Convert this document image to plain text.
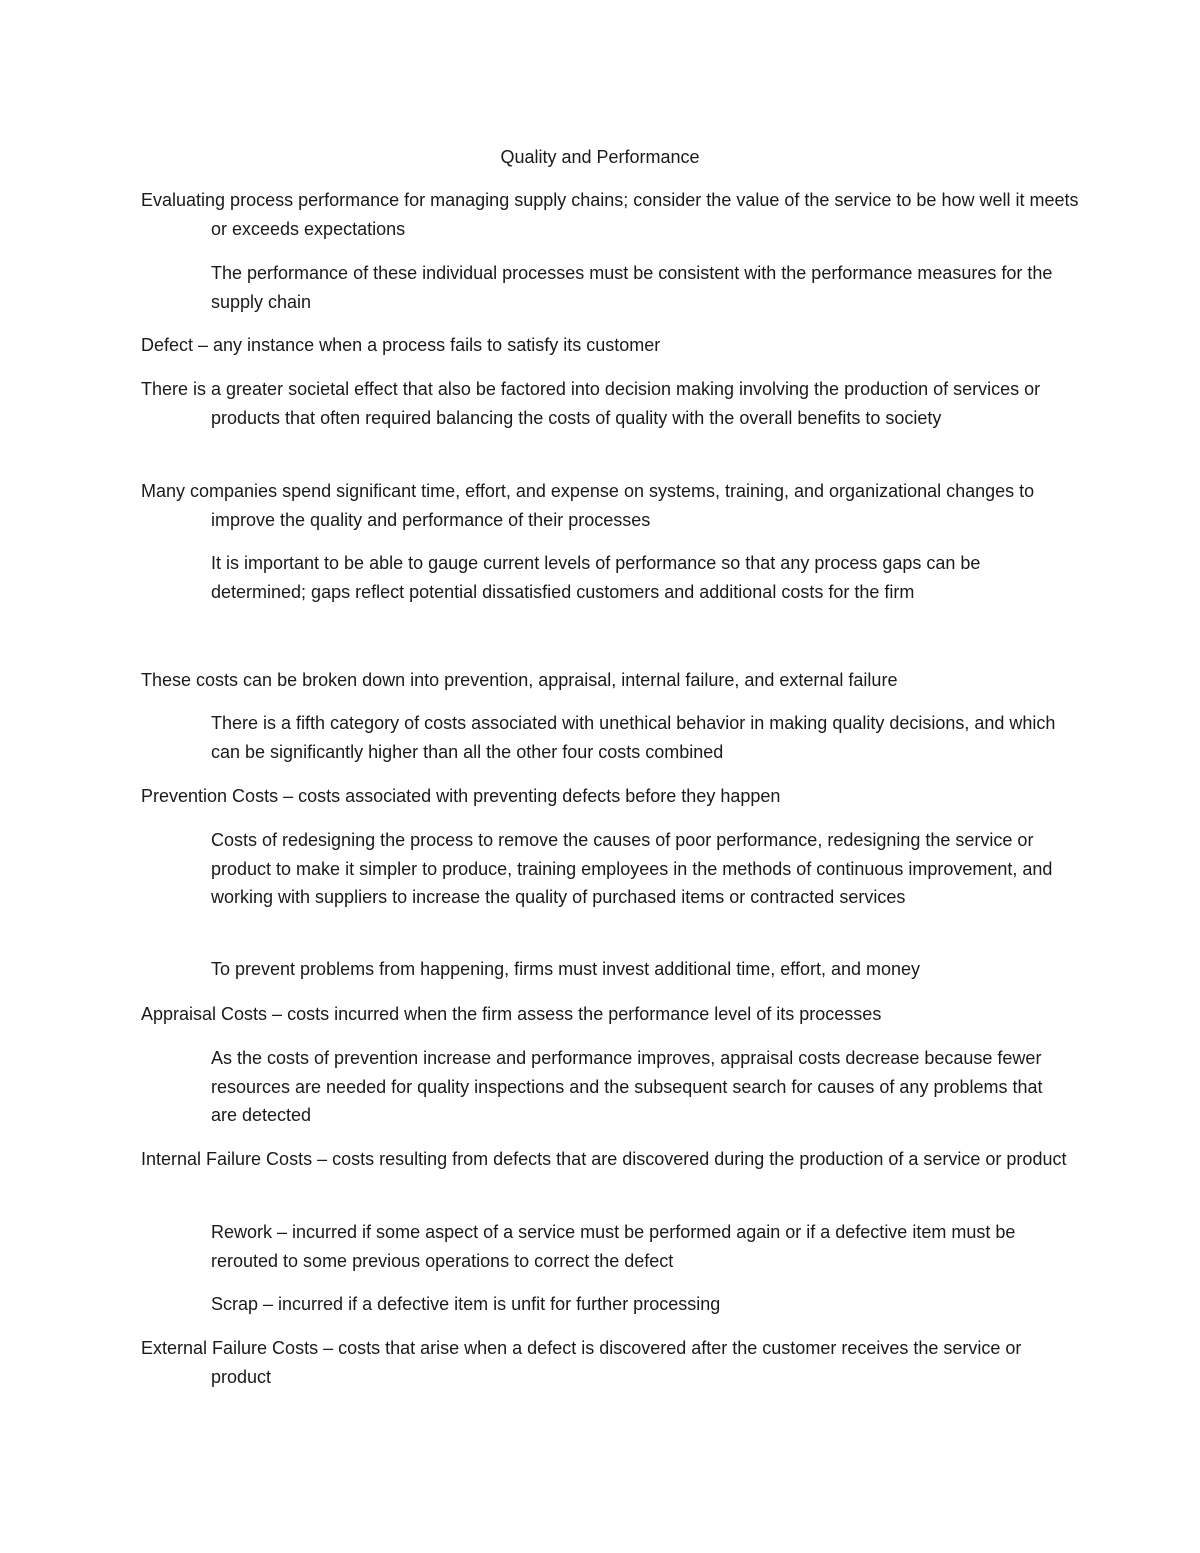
Quality and Performance

Evaluating process performance for managing supply chains; consider the value of the service to be how well it meets or exceeds expectations

The performance of these individual processes must be consistent with the performance measures for the supply chain

Defect – any instance when a process fails to satisfy its customer

There is a greater societal effect that also be factored into decision making involving the production of services or products that often required balancing the costs of quality with the overall benefits to society

Many companies spend significant time, effort, and expense on systems, training, and organizational changes to improve the quality and performance of their processes

It is important to be able to gauge current levels of performance so that any process gaps can be determined; gaps reflect potential dissatisfied customers and additional costs for the firm

These costs can be broken down into prevention, appraisal, internal failure, and external failure

There is a fifth category of costs associated with unethical behavior in making quality decisions, and which can be significantly higher than all the other four costs combined

Prevention Costs – costs associated with preventing defects before they happen

Costs of redesigning the process to remove the causes of poor performance, redesigning the service or product to make it simpler to produce, training employees in the methods of continuous improvement, and working with suppliers to increase the quality of purchased items or contracted services

To prevent problems from happening, firms must invest additional time, effort, and money

Appraisal Costs – costs incurred when the firm assess the performance level of its processes

As the costs of prevention increase and performance improves, appraisal costs decrease because fewer resources are needed for quality inspections and the subsequent search for causes of any problems that are detected

Internal Failure Costs – costs resulting from defects that are discovered during the production of a service or product

Rework – incurred if some aspect of a service must be performed again or if a defective item must be rerouted to some previous operations to correct the defect

Scrap – incurred if a defective item is unfit for further processing

External Failure Costs – costs that arise when a defect is discovered after the customer receives the service or product
